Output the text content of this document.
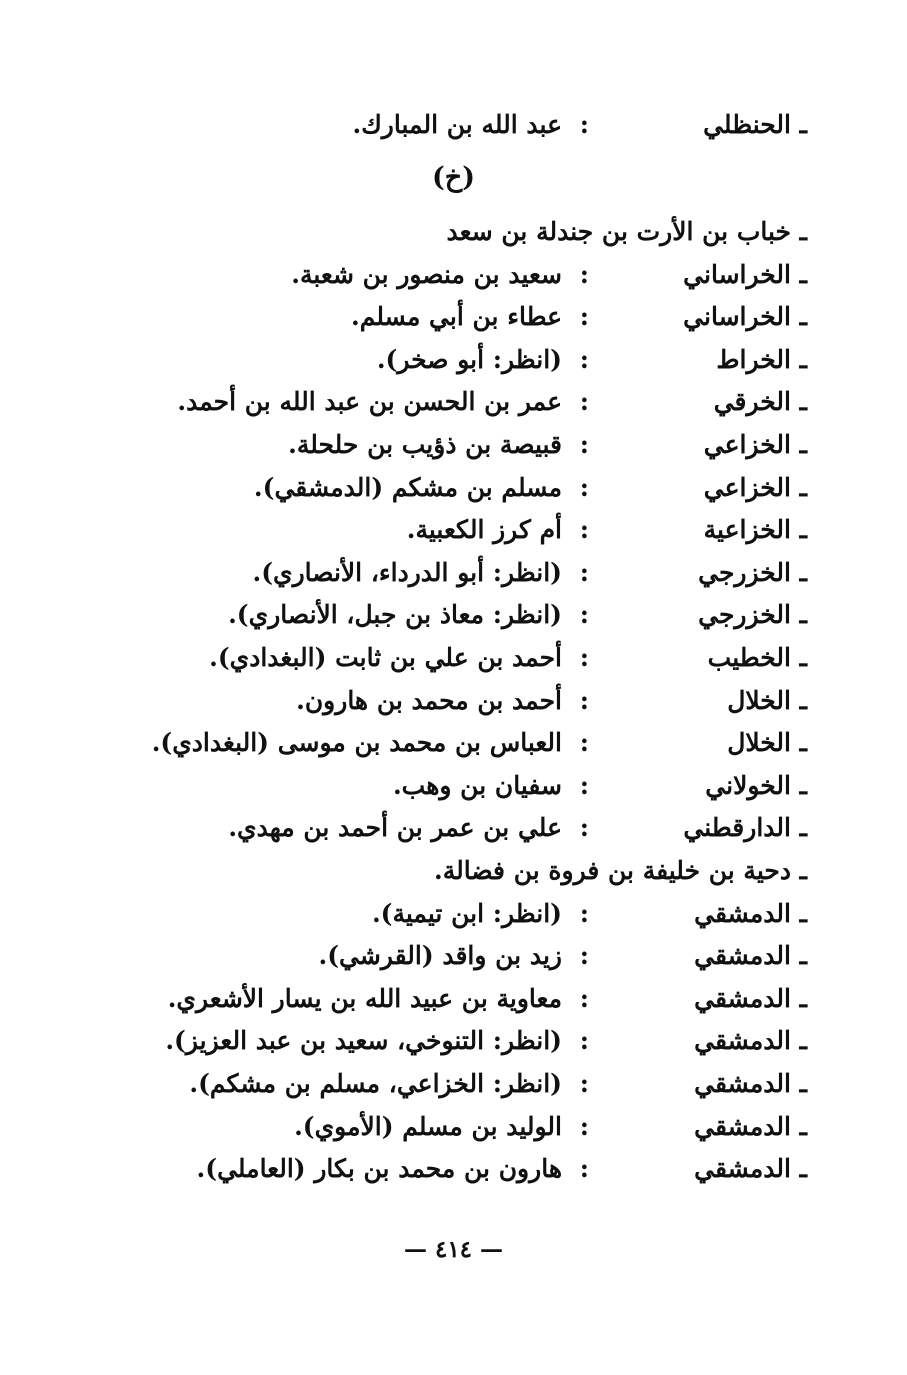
ـ الحنظلي
:
عبد الله بن المبارك.
(خ)
ـ خباب بن الأرت بن جندلة بن سعد
ـ الخراساني
:
سعيد بن منصور بن شعبة.
ـ الخراساني
:
عطاء بن أبي مسلم.
ـ الخراط
:
(انظر: أبو صخر).
ـ الخرقي
:
عمر بن الحسن بن عبد الله بن أحمد.
ـ الخزاعي
:
قبيصة بن ذؤيب بن حلحلة.
ـ الخزاعي
:
مسلم بن مشكم (الدمشقي).
ـ الخزاعية
:
أم كرز الكعبية.
ـ الخزرجي
:
(انظر: أبو الدرداء، الأنصاري).
ـ الخزرجي
:
(انظر: معاذ بن جبل، الأنصاري).
ـ الخطيب
:
أحمد بن علي بن ثابت (البغدادي).
ـ الخلال
:
أحمد بن محمد بن هارون.
ـ الخلال
:
العباس بن محمد بن موسى (البغدادي).
ـ الخولاني
:
سفيان بن وهب.
ـ الدارقطني
:
علي بن عمر بن أحمد بن مهدي.
ـ دحية بن خليفة بن فروة بن فضالة.
ـ الدمشقي
:
(انظر: ابن تيمية).
ـ الدمشقي
:
زيد بن واقد (القرشي).
ـ الدمشقي
:
معاوية بن عبيد الله بن يسار الأشعري.
ـ الدمشقي
:
(انظر: التنوخي، سعيد بن عبد العزيز).
ـ الدمشقي
:
(انظر: الخزاعي، مسلم بن مشكم).
ـ الدمشقي
:
الوليد بن مسلم (الأموي).
ـ الدمشقي
:
هارون بن محمد بن بكار (العاملي).
— ٤١٤ —
